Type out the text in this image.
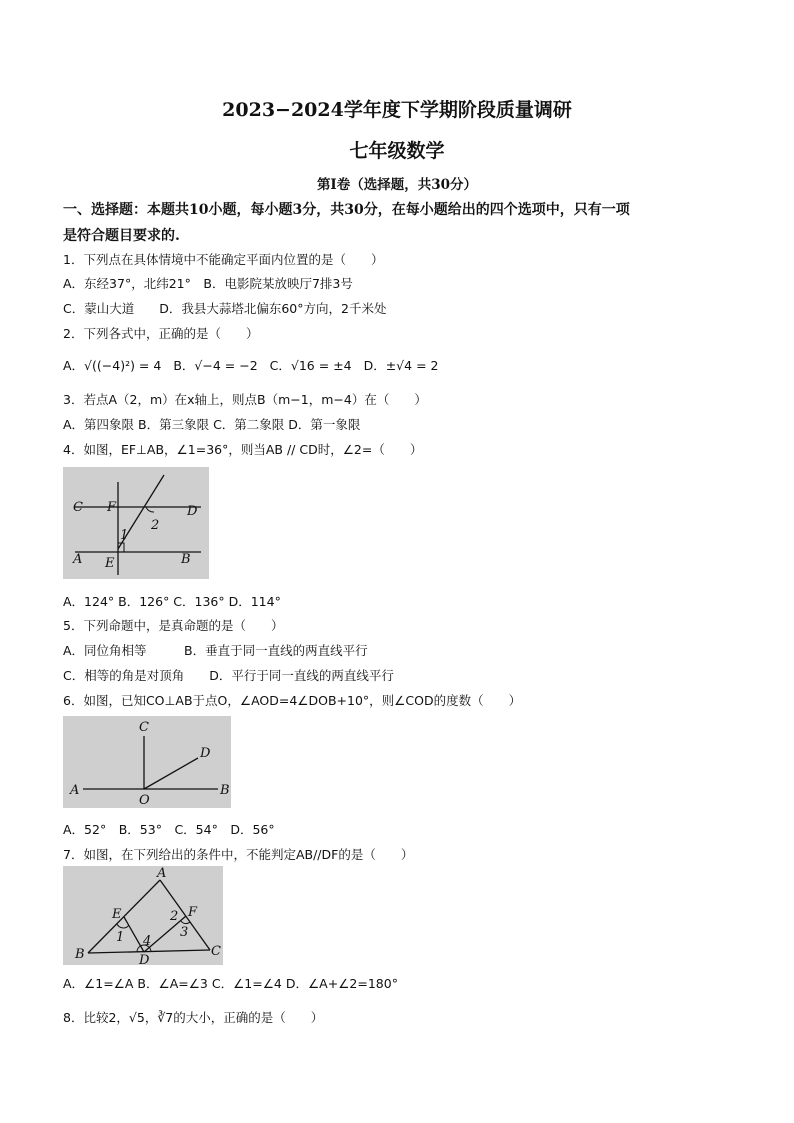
2023−2024学年度下学期阶段质量调研
七年级数学
第Ⅰ卷（选择题，共30分）
一、选择题：本题共10小题，每小题3分，共30分，在每小题给出的四个选项中，只有一项
是符合题目要求的.
1．下列点在具体情境中不能确定平面内位置的是（　　）
A．东经37°，北纬21°　B．电影院某放映厅7排3号
C．蒙山大道　　D．我县大蒜塔北偏东60°方向，2千米处
2．下列各式中，正确的是（　　）
A．√((−4)²) = 4 B．√−4 = −2 C．√16 = ±4 D．±√4 = 2
3．若点A（2，m）在x轴上，则点B（m−1，m−4）在（　　）
A．第四象限 B．第三象限 C．第二象限 D．第一象限
4．如图，EF⊥AB，∠1=36°，则当AB // CD时，∠2=（　　）
C F	D
A E	B
1
2
A．124° B．126° C．136° D．114°
5．下列命题中，是真命题的是（　　）
A．同位角相等　　　B．垂直于同一直线的两直线平行
C．相等的角是对顶角　　D．平行于同一直线的两直线平行
6．如图，已知CO⊥AB于点O，∠AOD=4∠DOB+10°，则∠COD的度数（　　）
C
D
A
O
B
A．52°　B．53°　C．54°　D．56°
7．如图，在下列给出的条件中，不能判定AB//DF的是（　　）
A
E	F
B	D
C
1
2
3
4
A．∠1=∠A B．∠A=∠3 C．∠1=∠4 D．∠A+∠2=180°
8．比较2，√5，∛7的大小，正确的是（　　）
